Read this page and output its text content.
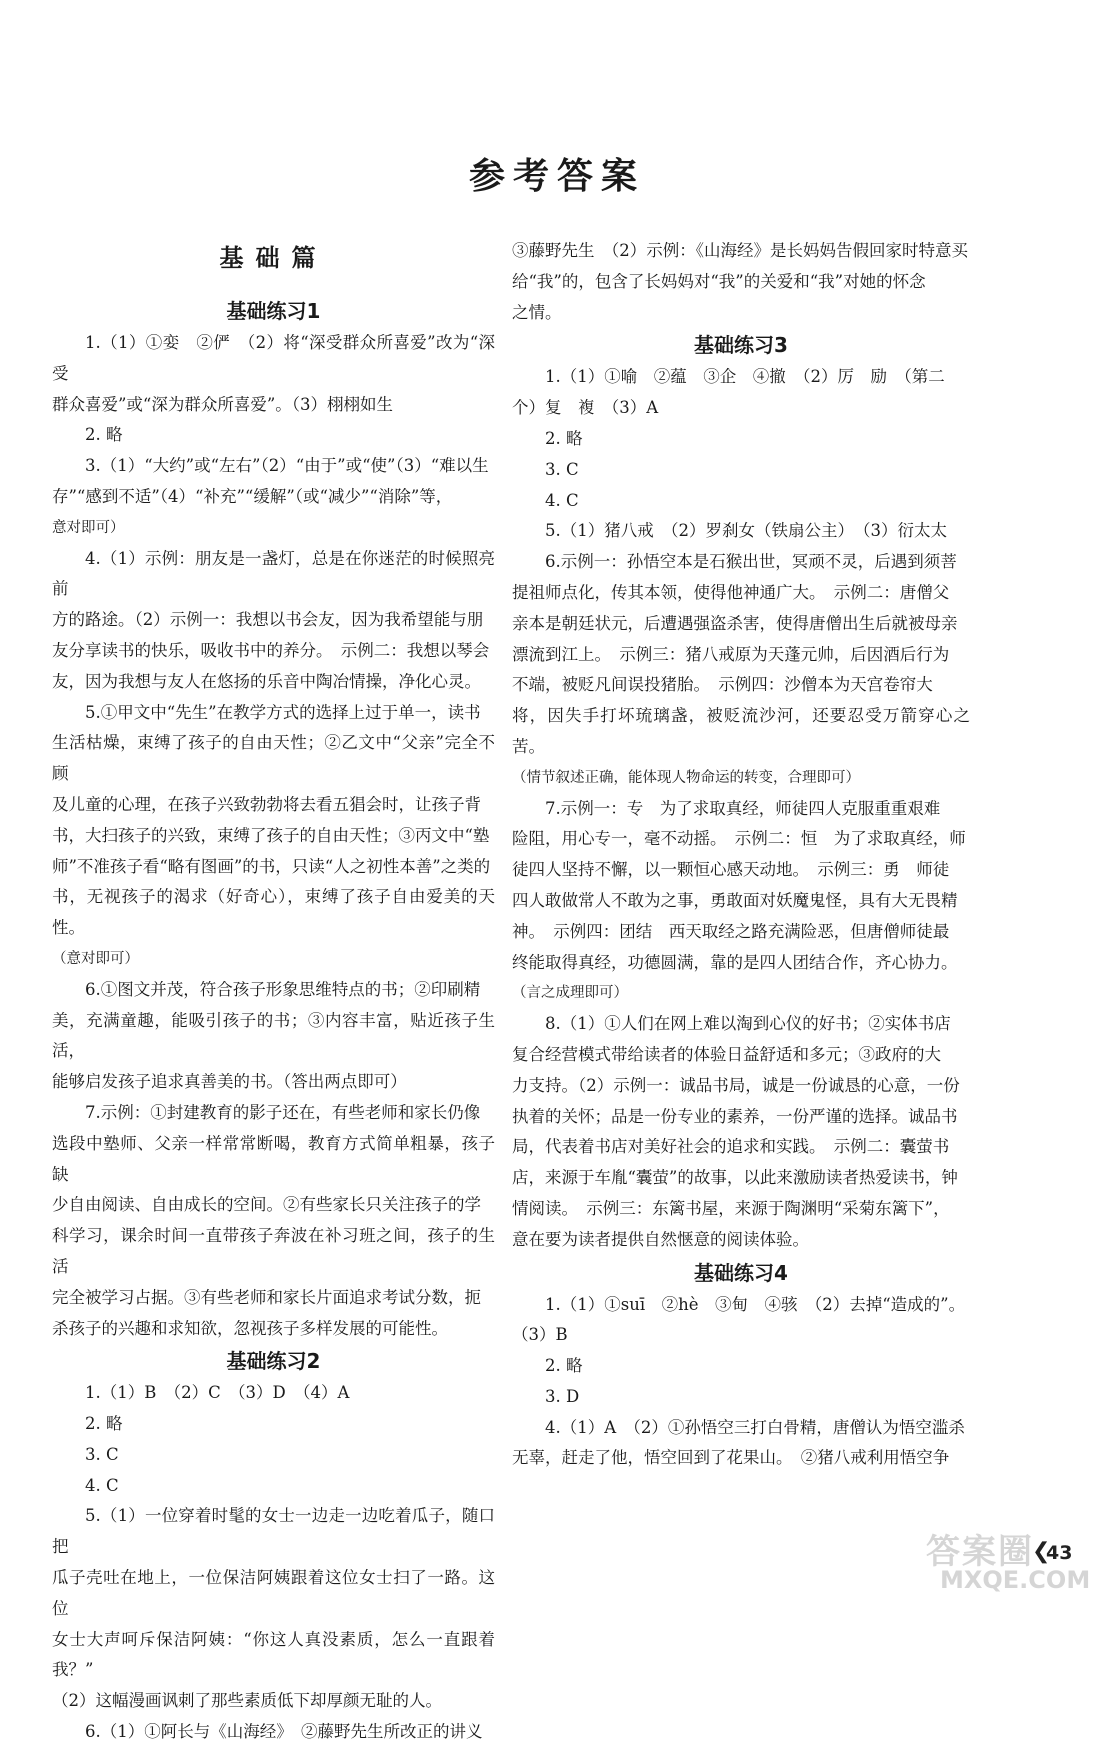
参考答案
基础篇
基础练习1

1.（1）①娈　②俨　（2）将“深受群众所喜爱”改为“深受

群众喜爱”或“深为群众所喜爱”。（3）栩栩如生

2. 略

3.（1）“大约”或“左右”（2）“由于”或“使”（3）“难以生

存”“感到不适”（4）“补充”“缓解”（或“减少”“消除”等，

意对即可）

4.（1）示例：朋友是一盏灯，总是在你迷茫的时候照亮前

方的路途。（2）示例一：我想以书会友，因为我希望能与朋

友分享读书的快乐，吸收书中的养分。　示例二：我想以琴会

友，因为我想与友人在悠扬的乐音中陶冶情操，净化心灵。

5.①甲文中“先生”在教学方式的选择上过于单一，读书

生活枯燥，束缚了孩子的自由天性；②乙文中“父亲”完全不顾

及儿童的心理，在孩子兴致勃勃将去看五猖会时，让孩子背

书，大扫孩子的兴致，束缚了孩子的自由天性；③丙文中“塾

师”不准孩子看“略有图画”的书，只读“人之初性本善”之类的

书，无视孩子的渴求（好奇心），束缚了孩子自由爱美的天性。

（意对即可）

6.①图文并茂，符合孩子形象思维特点的书；②印刷精

美，充满童趣，能吸引孩子的书；③内容丰富，贴近孩子生活，

能够启发孩子追求真善美的书。（答出两点即可）

7.示例：①封建教育的影子还在，有些老师和家长仍像

选段中塾师、父亲一样常常断喝，教育方式简单粗暴，孩子缺

少自由阅读、自由成长的空间。②有些家长只关注孩子的学

科学习，课余时间一直带孩子奔波在补习班之间，孩子的生活

完全被学习占据。③有些老师和家长片面追求考试分数，扼

杀孩子的兴趣和求知欲，忽视孩子多样发展的可能性。

基础练习2

1.（1）B　（2）C　（3）D　（4）A

2. 略

3. C

4. C

5.（1）一位穿着时髦的女士一边走一边吃着瓜子，随口把

瓜子壳吐在地上，一位保洁阿姨跟着这位女士扫了一路。这位

女士大声呵斥保洁阿姨：“你这人真没素质，怎么一直跟着我？”

（2）这幅漫画讽刺了那些素质低下却厚颜无耻的人。

6.（1）①阿长与《山海经》　②藤野先生所改正的讲义

③藤野先生　（2）示例：《山海经》是长妈妈告假回家时特意买

给“我”的，包含了长妈妈对“我”的关爱和“我”对她的怀念

之情。

基础练习3

1.（1）①喻　②蕴　③企　④撤　（2）厉　励　（第二

个）复　複　（3）A

2. 略

3. C

4. C

5.（1）猪八戒　（2）罗刹女（铁扇公主）　（3）衍太太

6.示例一：孙悟空本是石猴出世，冥顽不灵，后遇到须菩

提祖师点化，传其本领，使得他神通广大。　示例二：唐僧父

亲本是朝廷状元，后遭遇强盗杀害，使得唐僧出生后就被母亲

漂流到江上。　示例三：猪八戒原为天蓬元帅，后因酒后行为

不端，被贬凡间误投猪胎。　示例四：沙僧本为天宫卷帘大

将，因失手打坏琉璃盏，被贬流沙河，还要忍受万箭穿心之苦。

（情节叙述正确，能体现人物命运的转变，合理即可）

7.示例一：专　为了求取真经，师徒四人克服重重艰难

险阻，用心专一，毫不动摇。　示例二：恒　为了求取真经，师

徒四人坚持不懈，以一颗恒心感天动地。　示例三：勇　师徒

四人敢做常人不敢为之事，勇敢面对妖魔鬼怪，具有大无畏精

神。　示例四：团结　西天取经之路充满险恶，但唐僧师徒最

终能取得真经，功德圆满，靠的是四人团结合作，齐心协力。

（言之成理即可）

8.（1）①人们在网上难以淘到心仪的好书；②实体书店

复合经营模式带给读者的体验日益舒适和多元；③政府的大

力支持。（2）示例一：诚品书局，诚是一份诚恳的心意，一份

执着的关怀；品是一份专业的素养，一份严谨的选择。诚品书

局，代表着书店对美好社会的追求和实践。　示例二：囊萤书

店，来源于车胤“囊萤”的故事，以此来激励读者热爱读书，钟

情阅读。　示例三：东篱书屋，来源于陶渊明“采菊东篱下”，

意在要为读者提供自然惬意的阅读体验。

基础练习4

1.（1）①suī　②hè　③甸　④骇　（2）去掉“造成的”。

（3）B

2. 略

3. D

4.（1）A　（2）①孙悟空三打白骨精，唐僧认为悟空滥杀

无辜，赶走了他，悟空回到了花果山。　②猪八戒利用悟空争

答案圈
MXQE.COM
❮
43
